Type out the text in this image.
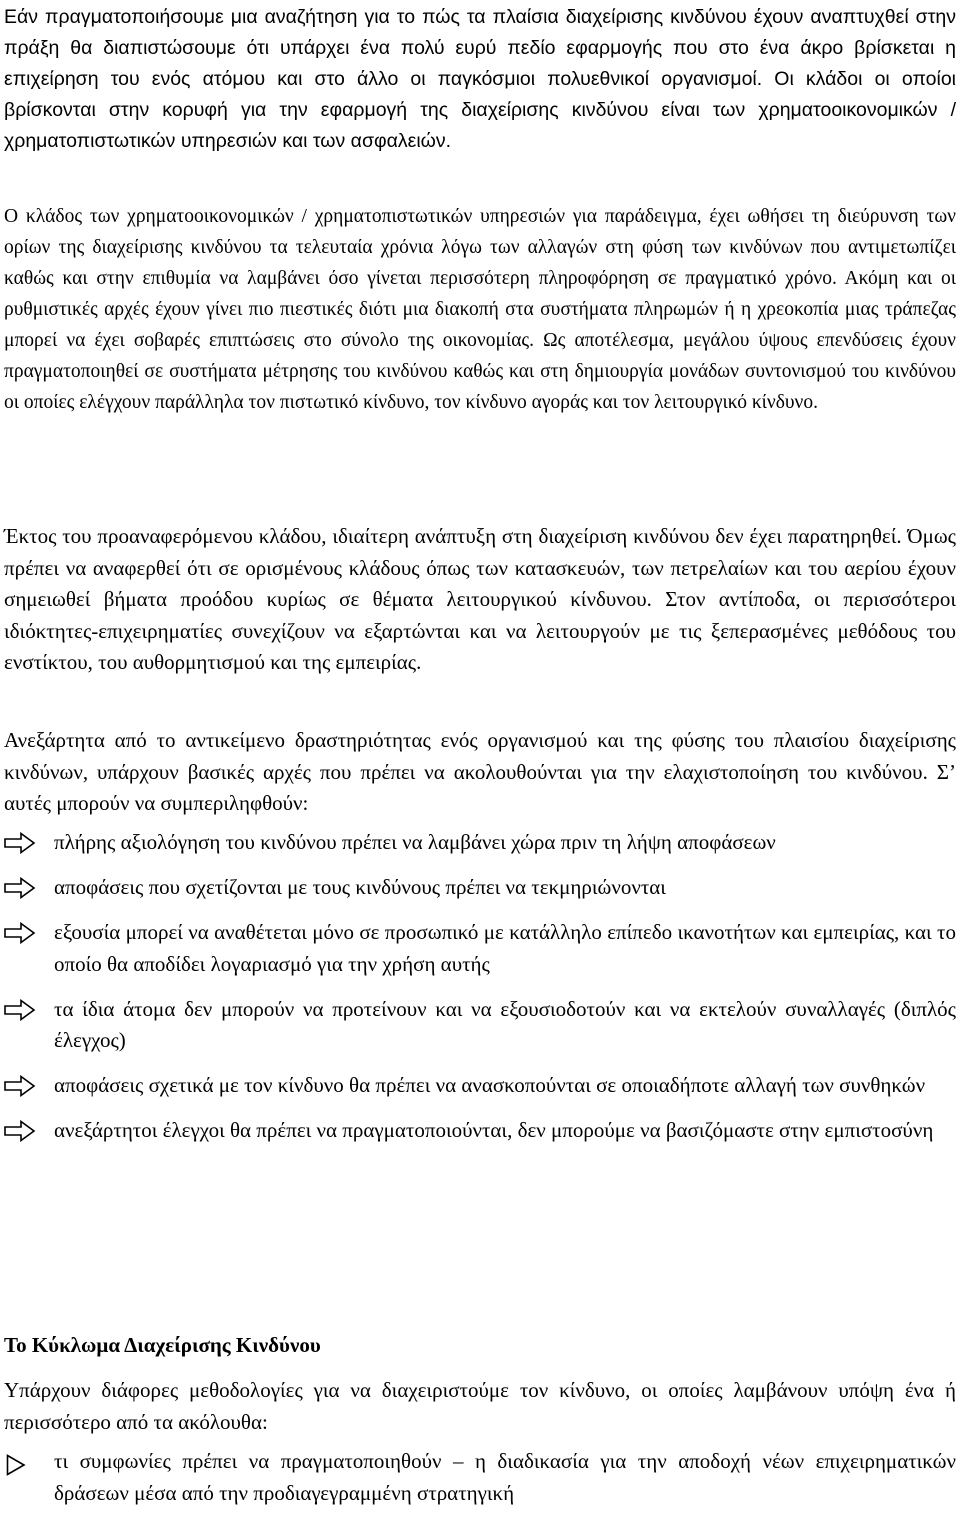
Εάν πραγματοποιήσουμε μια αναζήτηση για το πώς τα πλαίσια διαχείρισης κινδύνου έχουν αναπτυχθεί στην πράξη θα διαπιστώσουμε ότι υπάρχει ένα πολύ ευρύ πεδίο εφαρμογής που στο ένα άκρο βρίσκεται η επιχείρηση του ενός ατόμου και στο άλλο οι παγκόσμιοι πολυεθνικοί οργανισμοί. Οι κλάδοι οι οποίοι βρίσκονται στην κορυφή για την εφαρμογή της διαχείρισης κινδύνου είναι των χρηματοοικονομικών / χρηματοπιστωτικών υπηρεσιών και των ασφαλειών.

Ο κλάδος των χρηματοοικονομικών / χρηματοπιστωτικών υπηρεσιών για παράδειγμα, έχει ωθήσει τη διεύρυνση των ορίων της διαχείρισης κινδύνου τα τελευταία χρόνια λόγω των αλλαγών στη φύση των κινδύνων που αντιμετωπίζει καθώς και στην επιθυμία να λαμβάνει όσο γίνεται περισσότερη πληροφόρηση σε πραγματικό χρόνο. Ακόμη και οι ρυθμιστικές αρχές έχουν γίνει πιο πιεστικές διότι μια διακοπή στα συστήματα πληρωμών ή η χρεοκοπία μιας τράπεζας μπορεί να έχει σοβαρές επιπτώσεις στο σύνολο της οικονομίας. Ως αποτέλεσμα, μεγάλου ύψους επενδύσεις έχουν πραγματοποιηθεί σε συστήματα μέτρησης του κινδύνου καθώς και στη δημιουργία μονάδων συντονισμού του κινδύνου οι οποίες ελέγχουν παράλληλα τον πιστωτικό κίνδυνο, τον κίνδυνο αγοράς και τον λειτουργικό κίνδυνο.

Έκτος του προαναφερόμενου κλάδου, ιδιαίτερη ανάπτυξη στη διαχείριση κινδύνου δεν έχει παρατηρηθεί. Όμως πρέπει να αναφερθεί ότι σε ορισμένους κλάδους όπως των κατασκευών, των πετρελαίων και του αερίου έχουν σημειωθεί βήματα προόδου κυρίως σε θέματα λειτουργικού κίνδυνου. Στον αντίποδα, οι περισσότεροι ιδιόκτητες-επιχειρηματίες συνεχίζουν να εξαρτώνται και να λειτουργούν με τις ξεπερασμένες μεθόδους του ενστίκτου, του αυθορμητισμού και της εμπειρίας.

Ανεξάρτητα από το αντικείμενο δραστηριότητας ενός οργανισμού και της φύσης του πλαισίου διαχείρισης κινδύνων, υπάρχουν βασικές αρχές που πρέπει να ακολουθούνται για την ελαχιστοποίηση του κινδύνου. Σ’ αυτές μπορούν να συμπεριληφθούν:

πλήρης αξιολόγηση του κινδύνου πρέπει να λαμβάνει χώρα πριν τη λήψη αποφάσεων
αποφάσεις που σχετίζονται με τους κινδύνους πρέπει να τεκμηριώνονται
εξουσία μπορεί να αναθέτεται μόνο σε προσωπικό με κατάλληλο επίπεδο ικανοτήτων και εμπειρίας, και το οποίο θα αποδίδει λογαριασμό για την χρήση αυτής
τα ίδια άτομα δεν μπορούν να προτείνουν και να εξουσιοδοτούν και να εκτελούν συναλλαγές (διπλός έλεγχος)
αποφάσεις σχετικά με τον κίνδυνο θα πρέπει να ανασκοπούνται σε οποιαδήποτε αλλαγή των συνθηκών
ανεξάρτητοι έλεγχοι θα πρέπει να πραγματοποιούνται, δεν μπορούμε να βασιζόμαστε στην εμπιστοσύνη
Το Κύκλωμα Διαχείρισης Κινδύνου

Υπάρχουν διάφορες μεθοδολογίες για να διαχειριστούμε τον κίνδυνο, οι οποίες λαμβάνουν υπόψη ένα ή περισσότερο από τα ακόλουθα:

τι συμφωνίες πρέπει να πραγματοποιηθούν – η διαδικασία για την αποδοχή νέων επιχειρηματικών δράσεων μέσα από την προδιαγεγραμμένη στρατηγική
